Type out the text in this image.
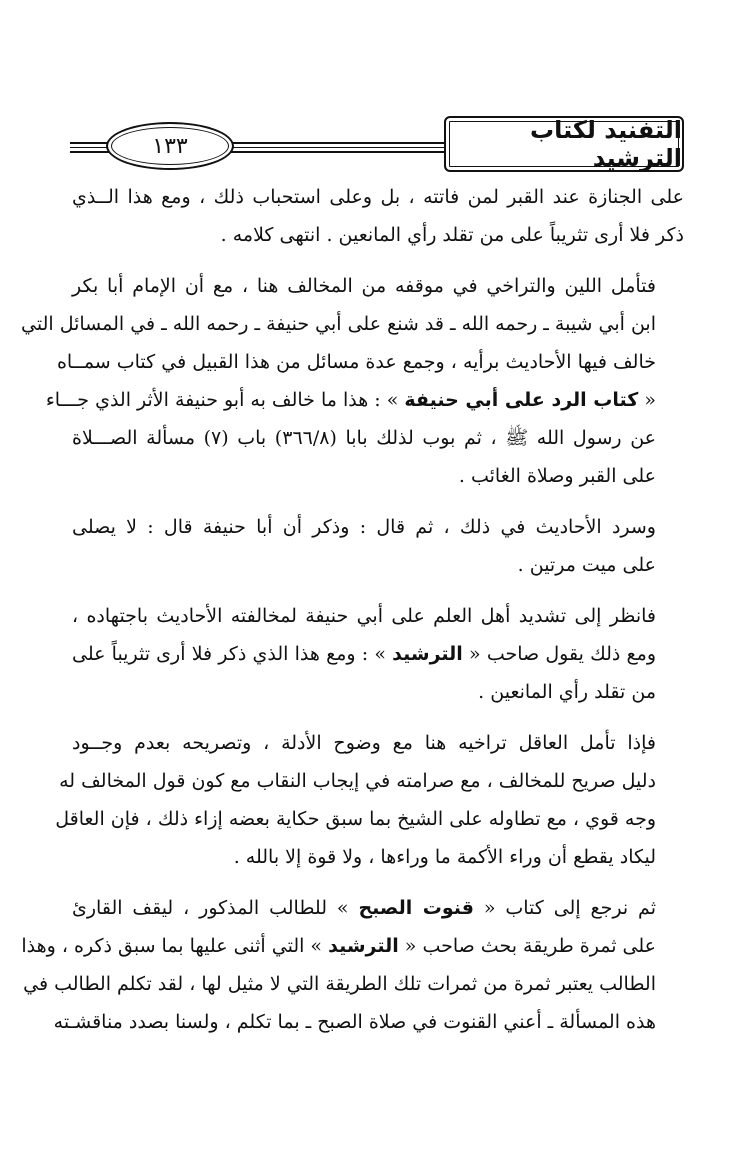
التفنيد لكتاب الترشيد
١٣٣

على الجنازة عند القبر لمن فاتته ، بل وعلى استحباب ذلك ، ومع هذا الــذي
ذكر فلا أرى تثريباً على من تقلد رأي المانعين . انتهى كلامه .

فتأمل اللين والتراخي في موقفه من المخالف هنا ، مع أن الإمام أبا بكر
ابن أبي شيبة ـ رحمه الله ـ قد شنع على أبي حنيفة ـ رحمه الله ـ في المسائل التي
خالف فيها الأحاديث برأيه ، وجمع عدة مسائل من هذا القبيل في كتاب سمــاه
« كتاب الرد على أبي حنيفة » : هذا ما خالف به أبو حنيفة الأثر الذي جـــاء
عن رسول الله ﷺ ، ثم بوب لذلك بابا (٣٦٦/٨) باب (٧) مسألة الصـــلاة
على القبر وصلاة الغائب .

وسرد الأحاديث في ذلك ، ثم قال : وذكر أن أبا حنيفة قال : لا يصلى
على ميت مرتين .

فانظر إلى تشديد أهل العلم على أبي حنيفة لمخالفته الأحاديث باجتهاده ،
ومع ذلك يقول صاحب « الترشيد » : ومع هذا الذي ذكر فلا أرى تثريباً على
من تقلد رأي المانعين .

فإذا تأمل العاقل تراخيه هنا مع وضوح الأدلة ، وتصريحه بعدم وجــود
دليل صريح للمخالف ، مع صرامته في إيجاب النقاب مع كون قول المخالف له
وجه قوي ، مع تطاوله على الشيخ بما سبق حكاية بعضه إزاء ذلك ، فإن العاقل
ليكاد يقطع أن وراء الأكمة ما وراءها ، ولا قوة إلا بالله .

ثم نرجع إلى كتاب « قنوت الصبح » للطالب المذكور ، ليقف القارئ
على ثمرة طريقة بحث صاحب « الترشيد » التي أثنى عليها بما سبق ذكره ، وهذا
الطالب يعتبر ثمرة من ثمرات تلك الطريقة التي لا مثيل لها ، لقد تكلم الطالب في
هذه المسألة ـ أعني القنوت في صلاة الصبح ـ بما تكلم ، ولسنا بصدد مناقشـته
